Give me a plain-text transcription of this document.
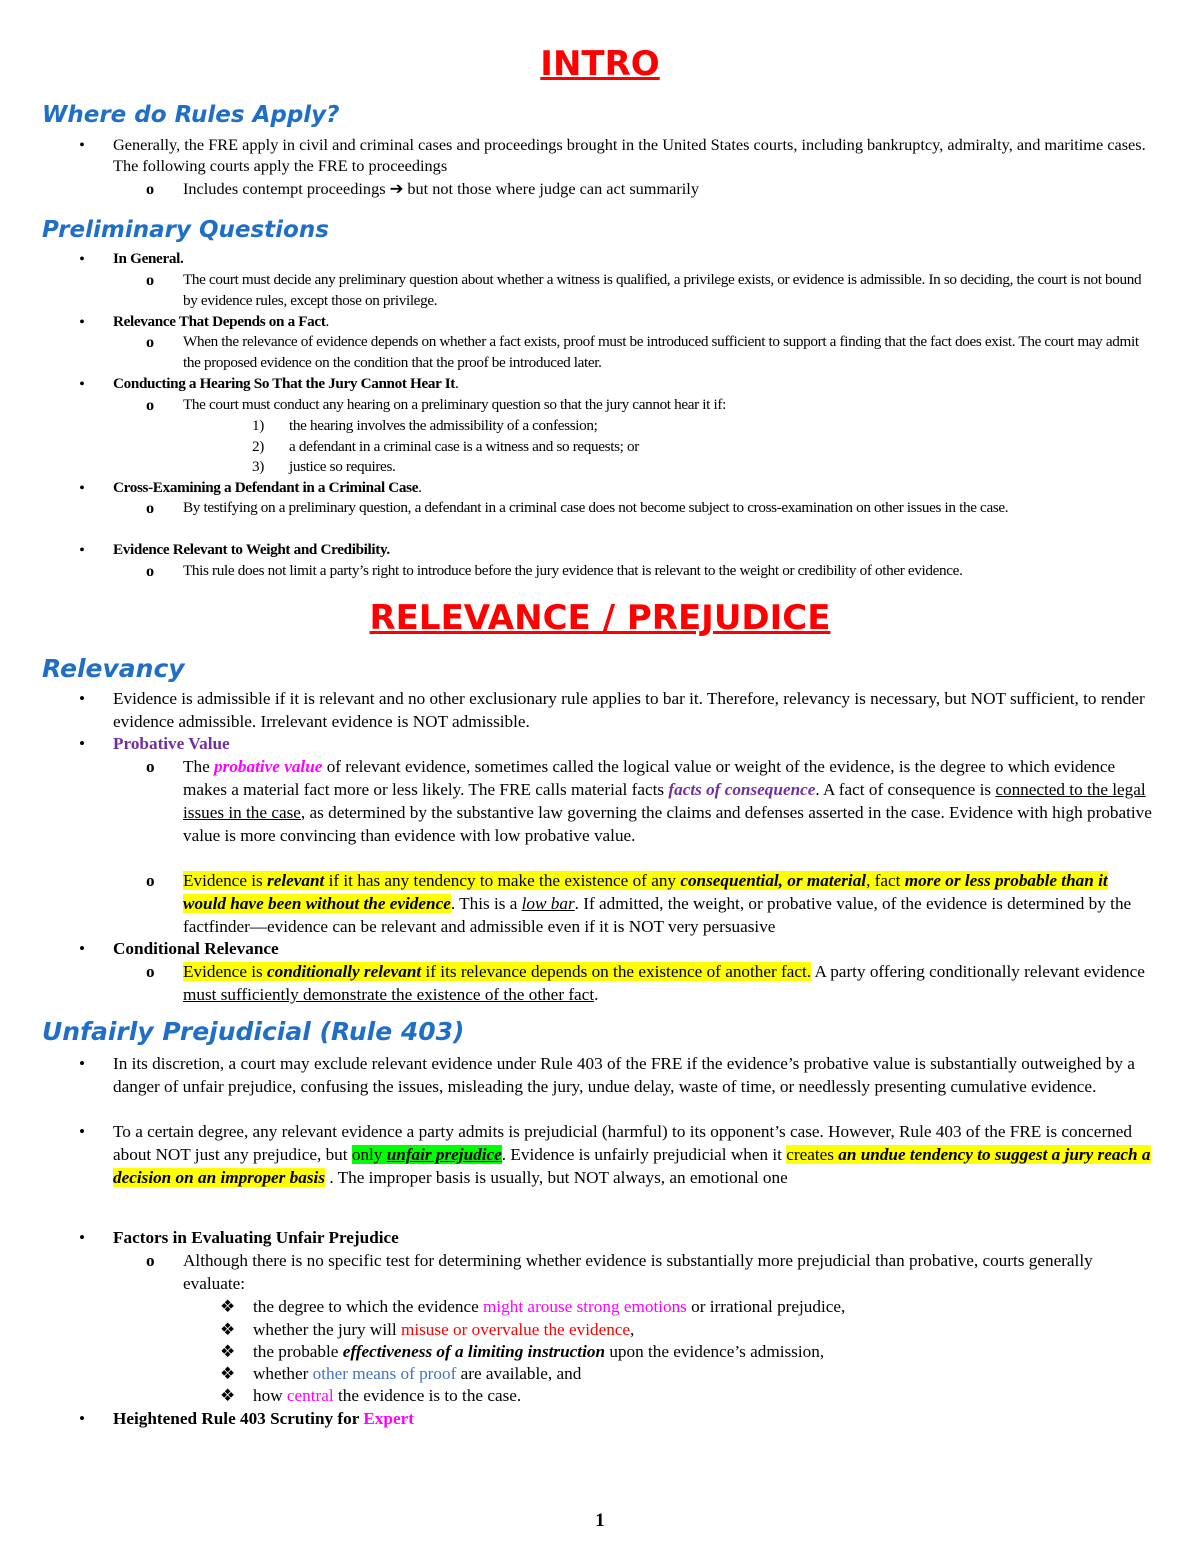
INTRO
Where do Rules Apply?
• Generally, the FRE apply in civil and criminal cases and proceedings brought in the United States courts, including bankruptcy, admiralty, and maritime cases. The following courts apply the FRE to proceedings
o	Includes contempt proceedings ➔ but not those where judge can act summarily
Preliminary Questions
• In General.
o	The court must decide any preliminary question about whether a witness is qualified, a privilege exists, or evidence is admissible. In so deciding, the court is not bound by evidence rules, except those on privilege.
• Relevance That Depends on a Fact.
o	When the relevance of evidence depends on whether a fact exists, proof must be introduced sufficient to support a finding that the fact does exist. The court may admit the proposed evidence on the condition that the proof be introduced later.
• Conducting a Hearing So That the Jury Cannot Hear It.
o	The court must conduct any hearing on a preliminary question so that the jury cannot hear it if:
1)	the hearing involves the admissibility of a confession;
2)	a defendant in a criminal case is a witness and so requests; or
3)	justice so requires.
• Cross-Examining a Defendant in a Criminal Case.
o	By testifying on a preliminary question, a defendant in a criminal case does not become subject to cross-examination on other issues in the case.
• Evidence Relevant to Weight and Credibility.
o	This rule does not limit a party’s right to introduce before the jury evidence that is relevant to the weight or credibility of other evidence.
RELEVANCE / PREJUDICE
Relevancy
• Evidence is admissible if it is relevant and no other exclusionary rule applies to bar it. Therefore, relevancy is necessary, but NOT sufficient, to render evidence admissible. Irrelevant evidence is NOT admissible.
• Probative Value
o	The probative value of relevant evidence, sometimes called the logical value or weight of the evidence, is the degree to which evidence makes a material fact more or less likely. The FRE calls material facts facts of consequence. A fact of consequence is connected to the legal issues in the case, as determined by the substantive law governing the claims and defenses asserted in the case. Evidence with high probative value is more convincing than evidence with low probative value.
o	Evidence is relevant if it has any tendency to make the existence of any consequential, or material, fact more or less probable than it would have been without the evidence. This is a low bar. If admitted, the weight, or probative value, of the evidence is determined by the factfinder—evidence can be relevant and admissible even if it is NOT very persuasive
• Conditional Relevance
o	Evidence is conditionally relevant if its relevance depends on the existence of another fact. A party offering conditionally relevant evidence must sufficiently demonstrate the existence of the other fact.
Unfairly Prejudicial (Rule 403)
• In its discretion, a court may exclude relevant evidence under Rule 403 of the FRE if the evidence’s probative value is substantially outweighed by a danger of unfair prejudice, confusing the issues, misleading the jury, undue delay, waste of time, or needlessly presenting cumulative evidence.
• To a certain degree, any relevant evidence a party admits is prejudicial (harmful) to its opponent’s case. However, Rule 403 of the FRE is concerned about NOT just any prejudice, but only unfair prejudice. Evidence is unfairly prejudicial when it creates an undue tendency to suggest a jury reach a decision on an improper basis . The improper basis is usually, but NOT always, an emotional one
• Factors in Evaluating Unfair Prejudice
o	Although there is no specific test for determining whether evidence is substantially more prejudicial than probative, courts generally evaluate:
❖ the degree to which the evidence might arouse strong emotions or irrational prejudice,
❖ whether the jury will misuse or overvalue the evidence,
❖ the probable effectiveness of a limiting instruction upon the evidence’s admission,
❖ whether other means of proof are available, and
❖ how central the evidence is to the case.
• Heightened Rule 403 Scrutiny for Expert
1
